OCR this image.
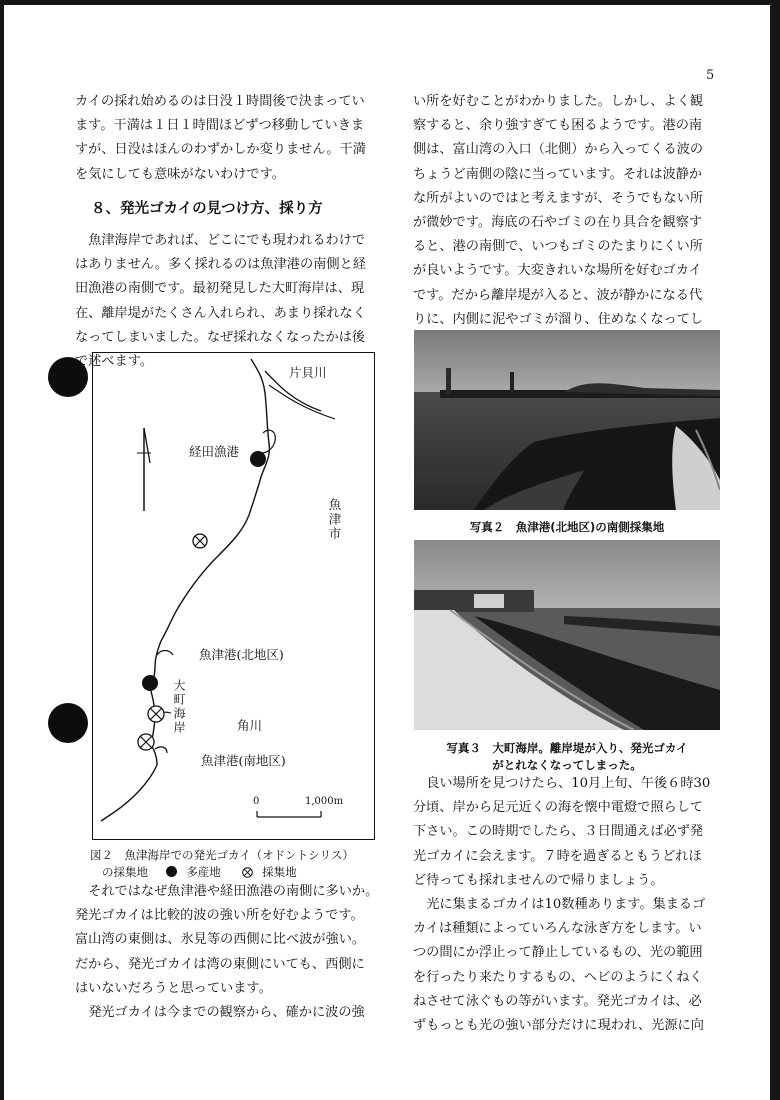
5

カイの採れ始めるのは日没１時間後で決まってい

ます。干満は１日１時間ほどずつ移動していきま

すが、日没はほんのわずかしか変りません。干満

を気にしても意味がないわけです。

８、発光ゴカイの見つけ方、採り方

魚津海岸であれば、どこにでも現われるわけで

はありません。多く採れるのは魚津港の南側と経

田漁港の南側です。最初発見した大町海岸は、現

在、離岸堤がたくさん入れられ、あまり採れなく

なってしまいました。なぜ採れなくなったかは後

で述べます。

片貝川
経田漁港
魚津市
魚津港(北地区)
大町海岸	角川
魚津港(南地区)
0	1,000m
図２　魚津海岸での発光ゴカイ（オドントシリス）
の採集地	多産地	採集地

それではなぜ魚津港や経田漁港の南側に多いか。

発光ゴカイは比較的波の強い所を好むようです。

富山湾の東側は、氷見等の西側に比べ波が強い。

だから、発光ゴカイは湾の東側にいても、西側に

はいないだろうと思っています。

発光ゴカイは今までの観察から、確かに波の強

い所を好むことがわかりました。しかし、よく観

察すると、余り強すぎても困るようです。港の南

側は、富山湾の入口（北側）から入ってくる波の

ちょうど南側の陰に当っています。それは波静か

な所がよいのではと考えますが、そうでもない所

が微妙です。海底の石やゴミの在り具合を観察す

ると、港の南側で、いつもゴミのたまりにくい所

が良いようです。大変きれいな場所を好むゴカイ

です。だから離岸堤が入ると、波が静かになる代

りに、内側に泥やゴミが溜り、住めなくなってし

写真２　魚津港(北地区)の南側採集地
写真３　大町海岸。離岸堤が入り、発光ゴカイ
がとれなくなってしまった。

良い場所を見つけたら、10月上旬、午後６時30

分頃、岸から足元近くの海を懐中電燈で照らして

下さい。この時期でしたら、３日間通えば必ず発

光ゴカイに会えます。７時を過ぎるともうどれほ

ど待っても採れませんので帰りましょう。

光に集まるゴカイは10数種あります。集まるゴ

カイは種類によっていろんな泳ぎ方をします。い

つの間にか浮止って静止しているもの、光の範囲

を行ったり来たりするもの、ヘビのようにくねく

ねさせて泳ぐもの等がいます。発光ゴカイは、必

ずもっとも光の強い部分だけに現われ、光源に向
